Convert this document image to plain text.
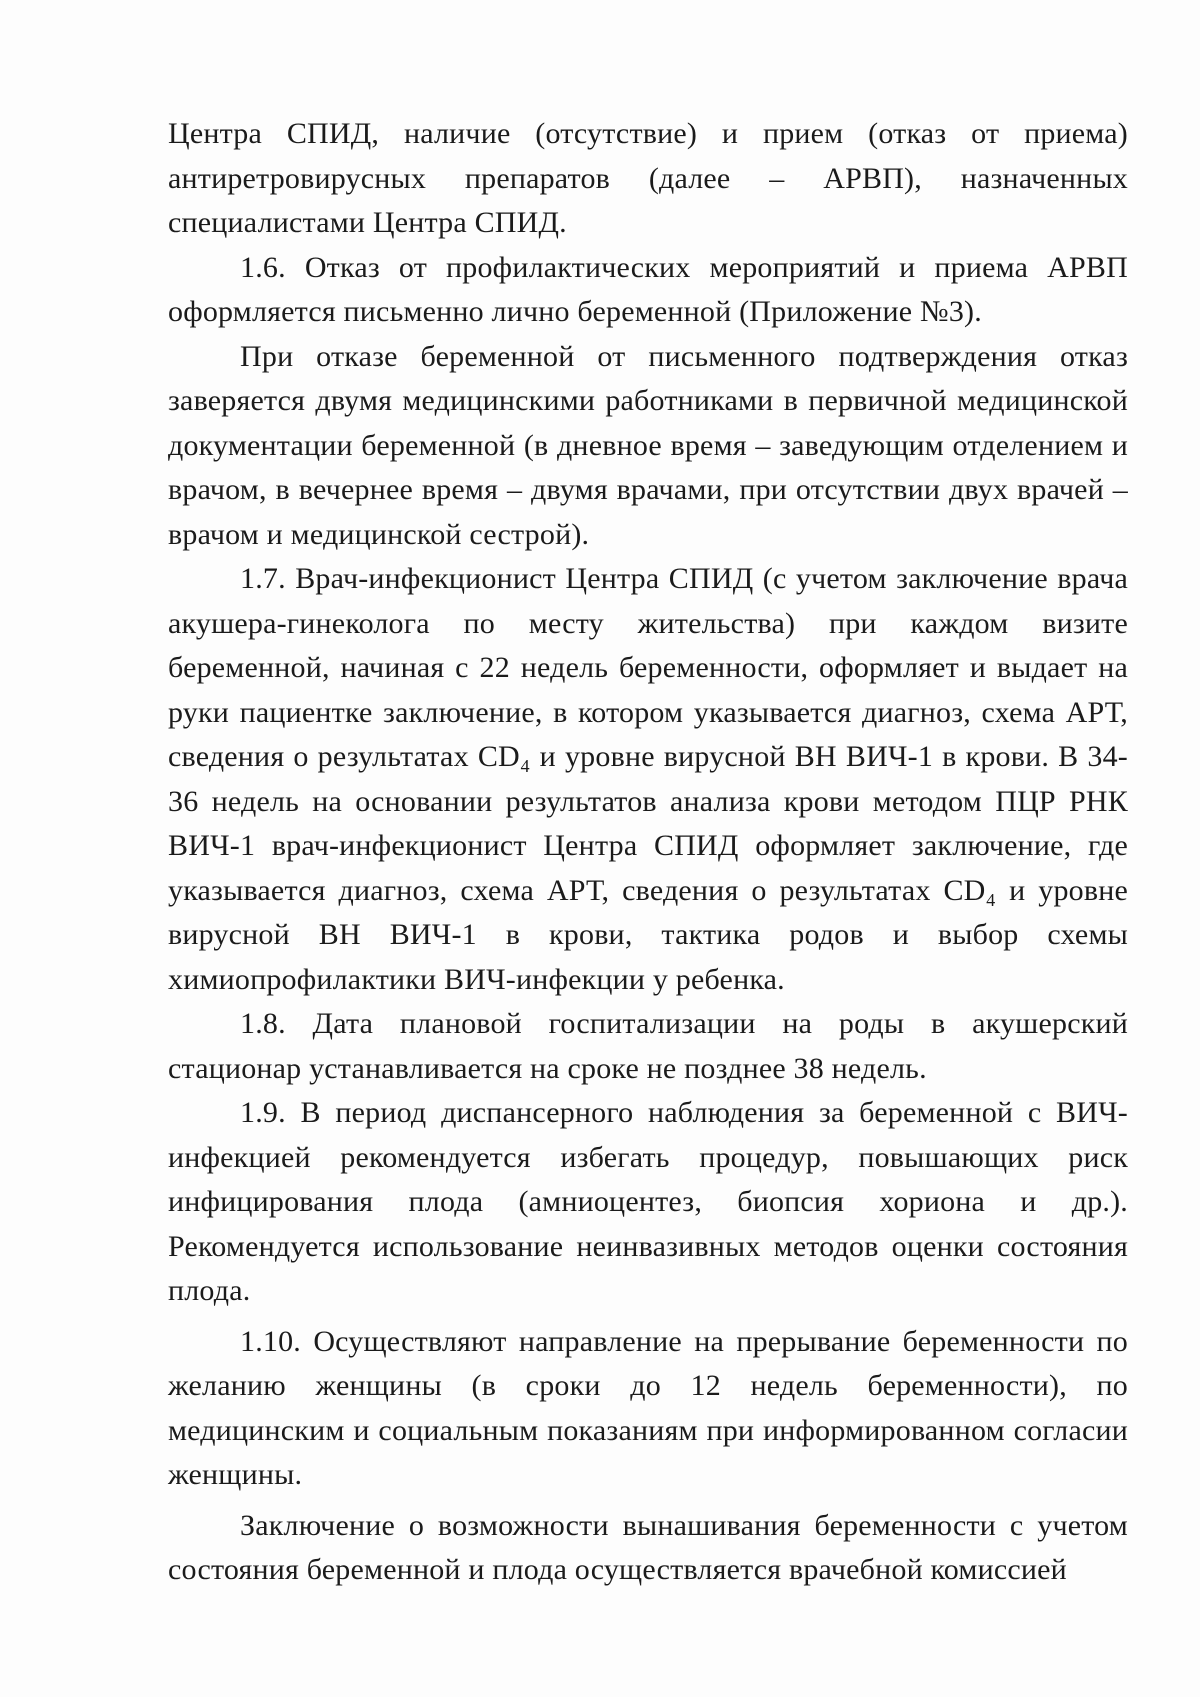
Центра СПИД, наличие (отсутствие) и прием (отказ от приема) антиретровирусных препаратов (далее – АРВП), назначенных специалистами Центра СПИД.

1.6. Отказ от профилактических мероприятий и приема АРВП оформляется письменно лично беременной (Приложение №3).

При отказе беременной от письменного подтверждения отказ заверяется двумя медицинскими работниками в первичной медицинской документации беременной (в дневное время – заведующим отделением и врачом, в вечернее время – двумя врачами, при отсутствии двух врачей – врачом и медицинской сестрой).

1.7. Врач-инфекционист Центра СПИД (с учетом заключение врача акушера-гинеколога по месту жительства) при каждом визите беременной, начиная с 22 недель беременности, оформляет и выдает на руки пациентке заключение, в котором указывается диагноз, схема АРТ, сведения о результатах CD₄ и уровне вирусной ВН ВИЧ-1 в крови. В 34-36 недель на основании результатов анализа крови методом ПЦР РНК ВИЧ-1 врач-инфекционист Центра СПИД оформляет заключение, где указывается диагноз, схема АРТ, сведения о результатах CD₄ и уровне вирусной ВН ВИЧ-1 в крови, тактика родов и выбор схемы химиопрофилактики ВИЧ-инфекции у ребенка.

1.8. Дата плановой госпитализации на роды в акушерский стационар устанавливается на сроке не позднее 38 недель.

1.9. В период диспансерного наблюдения за беременной с ВИЧ-инфекцией рекомендуется избегать процедур, повышающих риск инфицирования плода (амниоцентез, биопсия хориона и др.). Рекомендуется использование неинвазивных методов оценки состояния плода.

1.10. Осуществляют направление на прерывание беременности по желанию женщины (в сроки до 12 недель беременности), по медицинским и социальным показаниям при информированном согласии женщины.

Заключение о возможности вынашивания беременности с учетом состояния беременной и плода осуществляется врачебной комиссией
